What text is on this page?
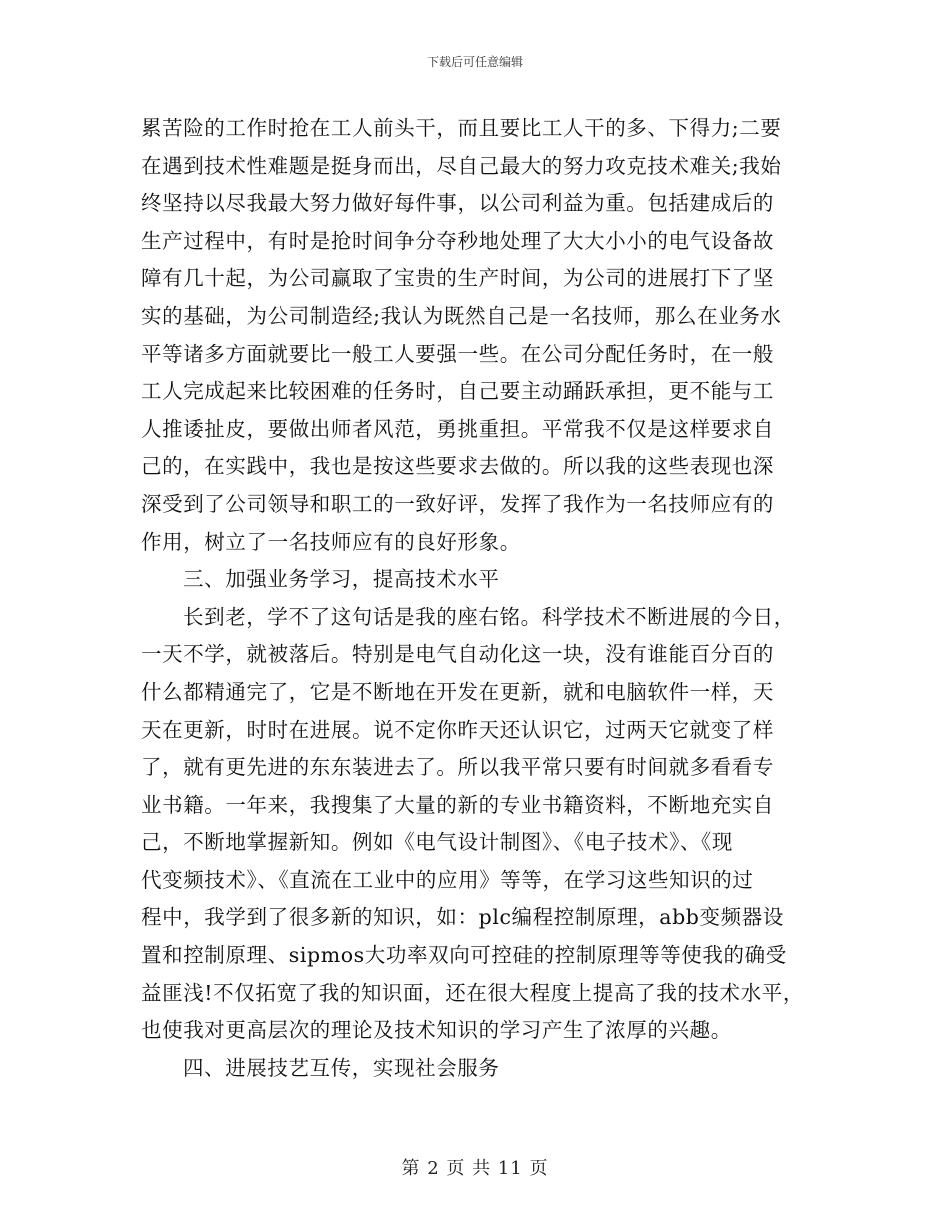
下载后可任意编辑
累苦险的工作时抢在工人前头干，而且要比工人干的多、下得力;二要
在遇到技术性难题是挺身而出，尽自己最大的努力攻克技术难关;我始
终坚持以尽我最大努力做好每件事，以公司利益为重。包括建成后的
生产过程中，有时是抢时间争分夺秒地处理了大大小小的电气设备故
障有几十起，为公司赢取了宝贵的生产时间，为公司的进展打下了坚
实的基础，为公司制造经;我认为既然自己是一名技师，那么在业务水
平等诸多方面就要比一般工人要强一些。在公司分配任务时，在一般
工人完成起来比较困难的任务时，自己要主动踊跃承担，更不能与工
人推诿扯皮，要做出师者风范，勇挑重担。平常我不仅是这样要求自
己的，在实践中，我也是按这些要求去做的。所以我的这些表现也深
深受到了公司领导和职工的一致好评，发挥了我作为一名技师应有的
作用，树立了一名技师应有的良好形象。
三、加强业务学习，提高技术水平
长到老，学不了这句话是我的座右铭。科学技术不断进展的今日，
一天不学，就被落后。特别是电气自动化这一块，没有谁能百分百的
什么都精通完了，它是不断地在开发在更新，就和电脑软件一样，天
天在更新，时时在进展。说不定你昨天还认识它，过两天它就变了样
了，就有更先进的东东装进去了。所以我平常只要有时间就多看看专
业书籍。一年来，我搜集了大量的新的专业书籍资料，不断地充实自
己，不断地掌握新知。例如《电气设计制图》、《电子技术》、《现
代变频技术》、《直流在工业中的应用》等等，在学习这些知识的过
程中，我学到了很多新的知识，如：plc编程控制原理，abb变频器设
置和控制原理、sipmos大功率双向可控硅的控制原理等等使我的确受
益匪浅!不仅拓宽了我的知识面，还在很大程度上提高了我的技术水平，
也使我对更高层次的理论及技术知识的学习产生了浓厚的兴趣。
四、进展技艺互传，实现社会服务
第 2 页 共 11 页
